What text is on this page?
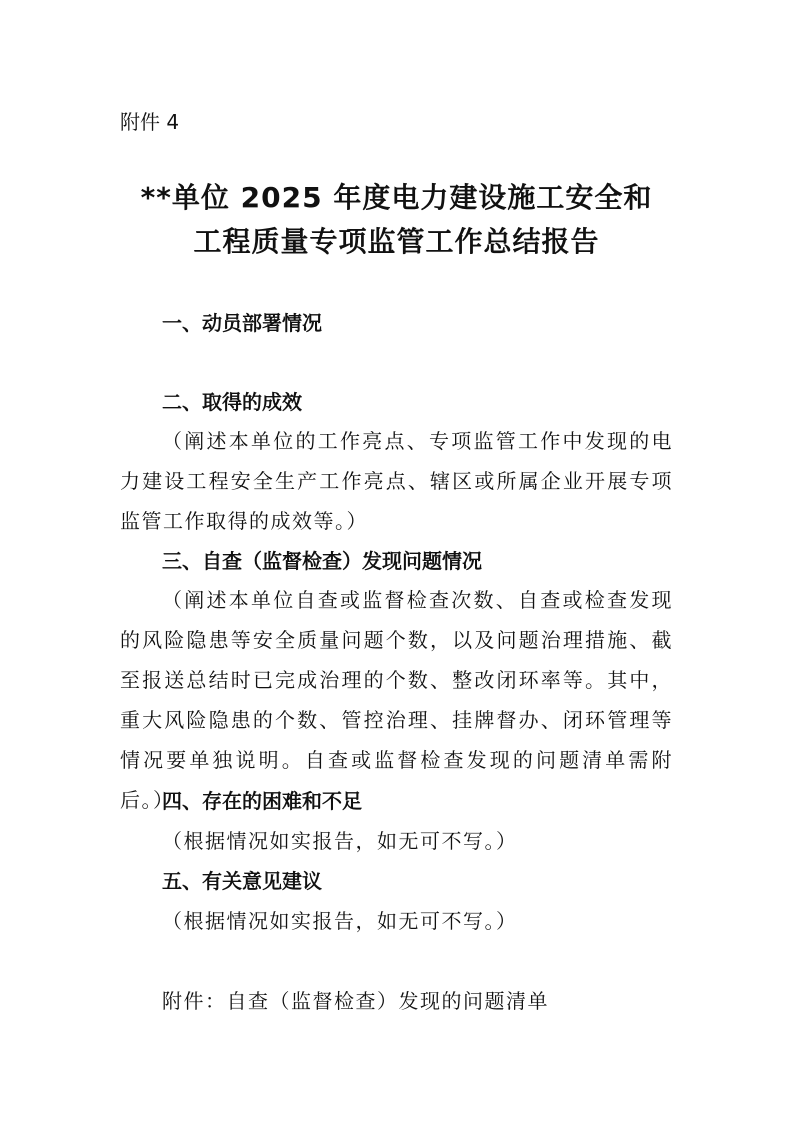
附件 4
**单位 2025 年度电力建设施工安全和
工程质量专项监管工作总结报告
一、动员部署情况
二、取得的成效
（阐述本单位的工作亮点、专项监管工作中发现的电力建设工程安全生产工作亮点、辖区或所属企业开展专项监管工作取得的成效等。）
三、自查（监督检查）发现问题情况
（阐述本单位自查或监督检查次数、自查或检查发现的风险隐患等安全质量问题个数，以及问题治理措施、截至报送总结时已完成治理的个数、整改闭环率等。其中，重大风险隐患的个数、管控治理、挂牌督办、闭环管理等情况要单独说明。自查或监督检查发现的问题清单需附后。）
四、存在的困难和不足
（根据情况如实报告，如无可不写。）
五、有关意见建议
（根据情况如实报告，如无可不写。）
附件：自查（监督检查）发现的问题清单
